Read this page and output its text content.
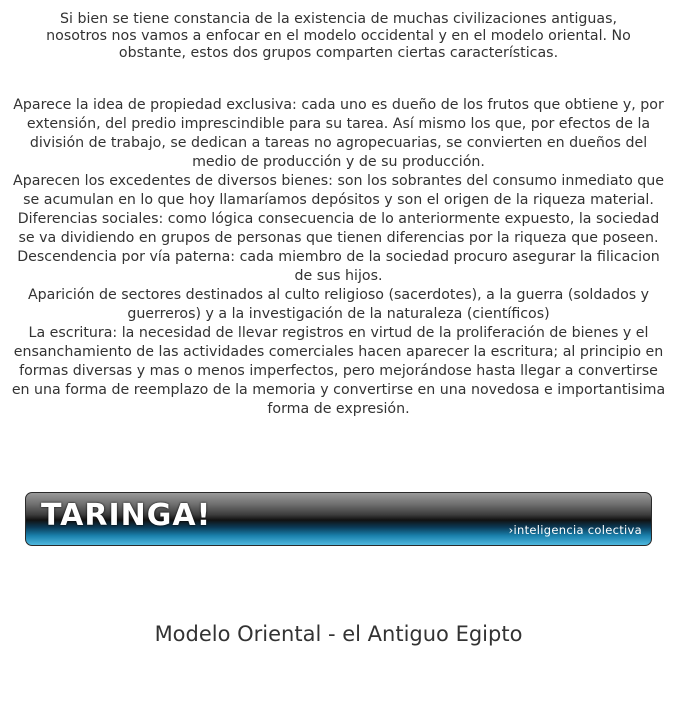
Si bien se tiene constancia de la existencia de muchas civilizaciones antiguas, nosotros nos vamos a enfocar en el modelo occidental y en el modelo oriental. No obstante, estos dos grupos comparten ciertas características.

Aparece la idea de propiedad exclusiva: cada uno es dueño de los frutos que obtiene y, por extensión, del predio imprescindible para su tarea. Así mismo los que, por efectos de la división de trabajo, se dedican a tareas no agropecuarias, se convierten en dueños del medio de producción y de su producción.

Aparecen los excedentes de diversos bienes: son los sobrantes del consumo inmediato que se acumulan en lo que hoy llamaríamos depósitos y son el origen de la riqueza material.

Diferencias sociales: como lógica consecuencia de lo anteriormente expuesto, la sociedad se va dividiendo en grupos de personas que tienen diferencias por la riqueza que poseen.

Descendencia por vía paterna: cada miembro de la sociedad procuro asegurar la filicacion de sus hijos.

Aparición de sectores destinados al culto religioso (sacerdotes), a la guerra (soldados y guerreros) y a la investigación de la naturaleza (científicos)

La escritura: la necesidad de llevar registros en virtud de la proliferación de bienes y el ensanchamiento de las actividades comerciales hacen aparecer la escritura; al principio en formas diversas y mas o menos imperfectos, pero mejorándose hasta llegar a convertirse en una forma de reemplazo de la memoria y convertirse en una novedosa e importantisima forma de expresión.

TARINGA!	›inteligencia colectiva
Modelo Oriental - el Antiguo Egipto
